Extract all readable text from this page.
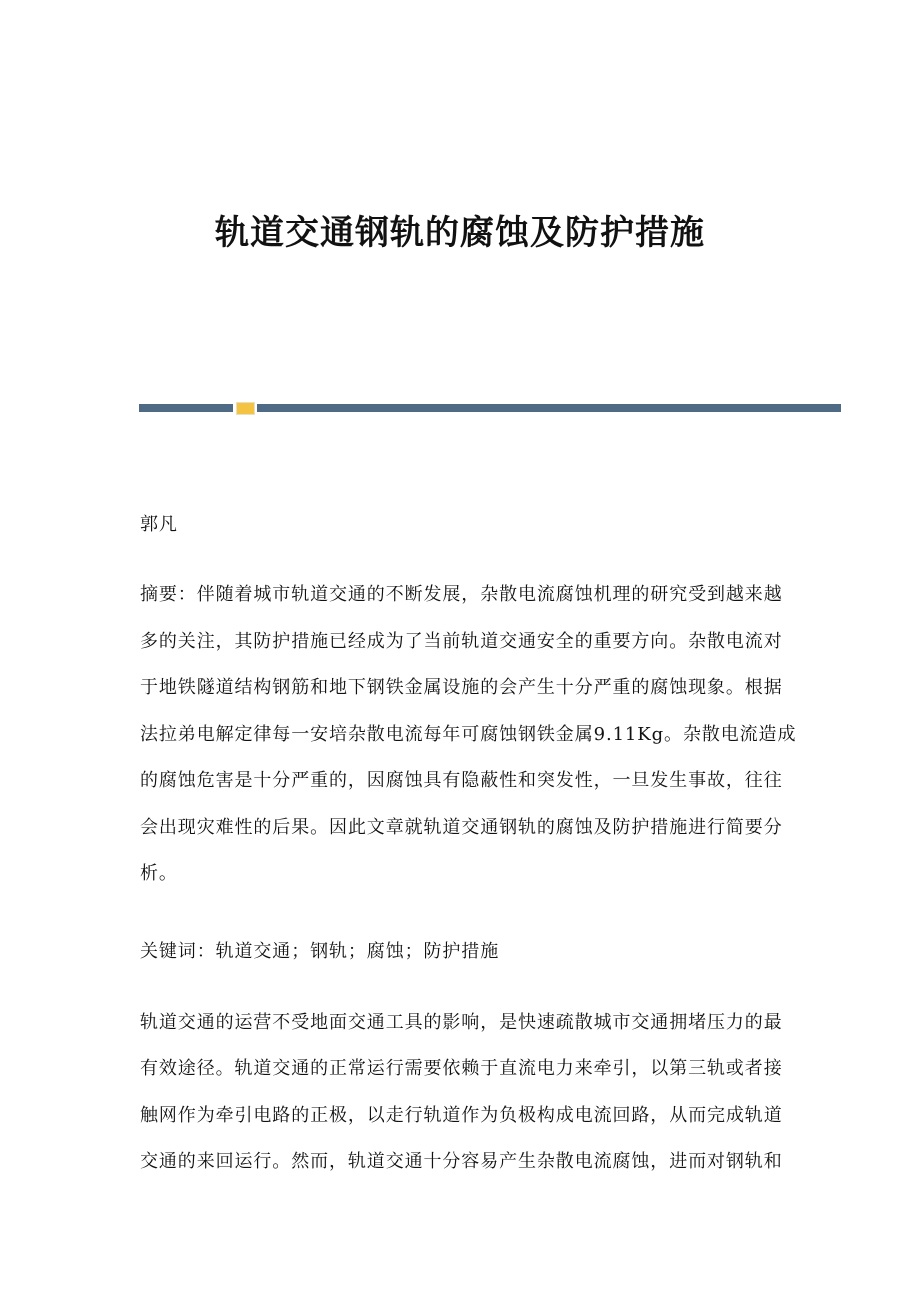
轨道交通钢轨的腐蚀及防护措施
郭凡
摘要：伴随着城市轨道交通的不断发展，杂散电流腐蚀机理的研究受到越来越
多的关注，其防护措施已经成为了当前轨道交通安全的重要方向。杂散电流对
于地铁隧道结构钢筋和地下钢铁金属设施的会产生十分严重的腐蚀现象。根据
法拉弟电解定律每一安培杂散电流每年可腐蚀钢铁金属9.11Kg。杂散电流造成
的腐蚀危害是十分严重的，因腐蚀具有隐蔽性和突发性，一旦发生事故，往往
会出现灾难性的后果。因此文章就轨道交通钢轨的腐蚀及防护措施进行简要分
析。
关键词：轨道交通；钢轨；腐蚀；防护措施
轨道交通的运营不受地面交通工具的影响，是快速疏散城市交通拥堵压力的最
有效途径。轨道交通的正常运行需要依赖于直流电力来牵引，以第三轨或者接
触网作为牵引电路的正极，以走行轨道作为负极构成电流回路，从而完成轨道
交通的来回运行。然而，轨道交通十分容易产生杂散电流腐蚀，进而对钢轨和
